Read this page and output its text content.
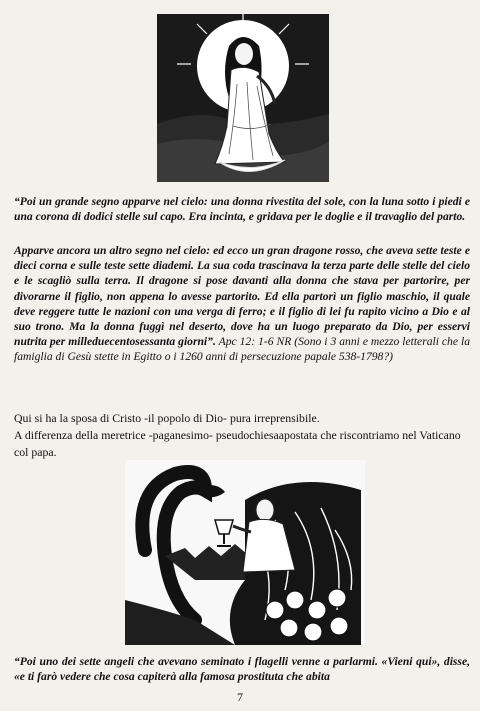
“Poi un grande segno apparve nel cielo: una donna rivestita del sole, con la luna sotto i piedi e una corona di dodici stelle sul capo. Era incinta, e gridava per le doglie e il travaglio del parto.
Apparve ancora un altro segno nel cielo: ed ecco un gran dragone rosso, che aveva sette teste e dieci corna e sulle teste sette diademi. La sua coda trascinava la terza parte delle stelle del cielo e le scagliò sulla terra. Il dragone si pose davanti alla donna che stava per partorire, per divorarne il figlio, non appena lo avesse partorito. Ed ella partorì un figlio maschio, il quale deve reggere tutte le nazioni con una verga di ferro; e il figlio di lei fu rapito vicino a Dio e al suo trono. Ma la donna fuggì nel deserto, dove ha un luogo preparato da Dio, per esservi nutrita per milleduecentosessanta giorni”. Apc 12: 1-6 NR (Sono i 3 anni e mezzo letterali che la famiglia di Gesù stette in Egitto o i 1260 anni di persecuzione papale 538-1798?)
Qui si ha la sposa di Cristo -il popolo di Dio- pura irreprensibile.
A differenza della meretrice -paganesimo- pseudochiesaapostata che riscontriamo nel Vaticano col papa.
“Poi uno dei sette angeli che avevano seminato i flagelli venne a parlarmi. «Vieni qui», disse, «e ti farò vedere che cosa capiterà alla famosa prostituta che abita
7
